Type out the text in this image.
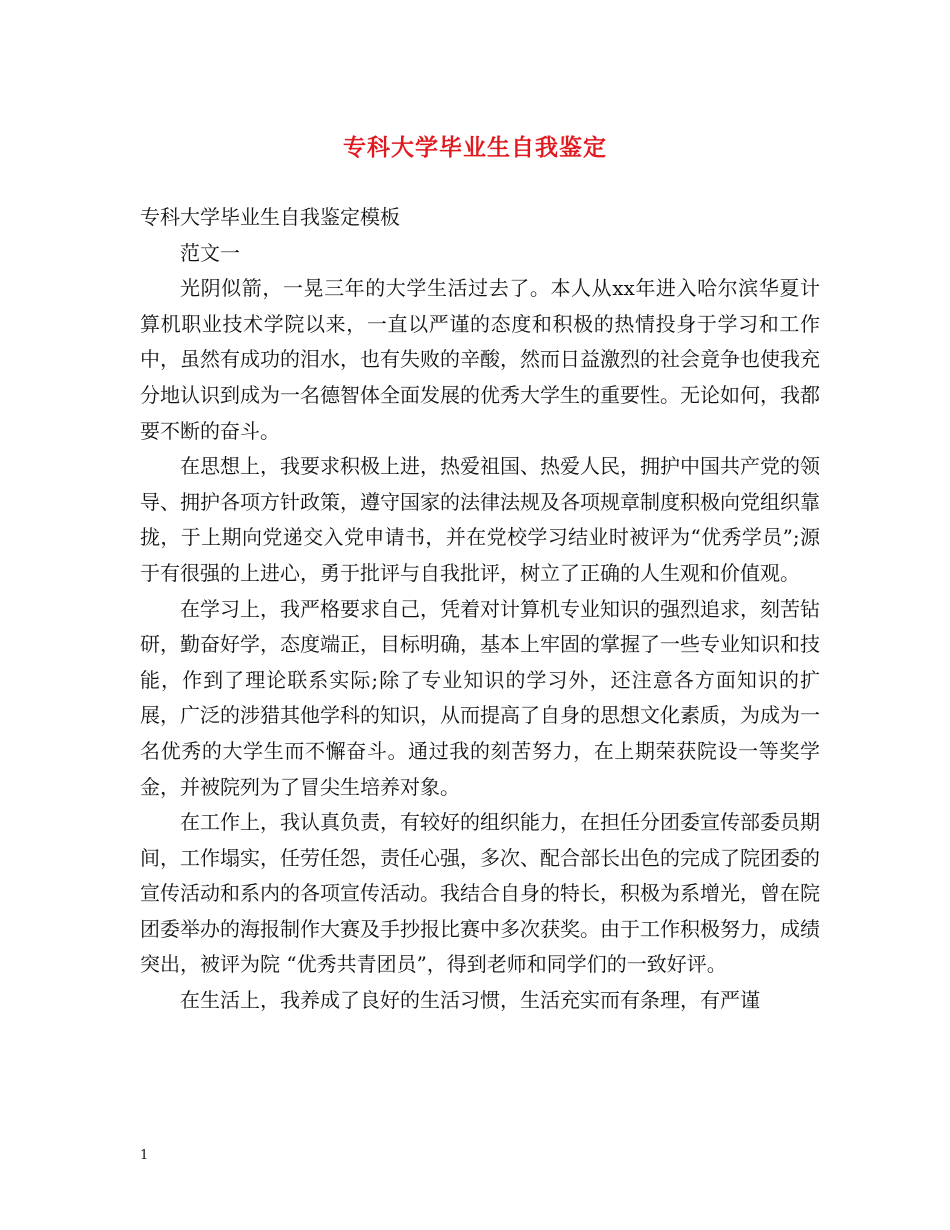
专科大学毕业生自我鉴定

专科大学毕业生自我鉴定模板

范文一

光阴似箭，一晃三年的大学生活过去了。本人从xx年进入哈尔滨华夏计算机职业技术学院以来，一直以严谨的态度和积极的热情投身于学习和工作中，虽然有成功的泪水，也有失败的辛酸，然而日益激烈的社会竟争也使我充分地认识到成为一名德智体全面发展的优秀大学生的重要性。无论如何，我都要不断的奋斗。

在思想上，我要求积极上进，热爱祖国、热爱人民，拥护中国共产党的领导、拥护各项方针政策，遵守国家的法律法规及各项规章制度积极向党组织靠拢，于上期向党递交入党申请书，并在党校学习结业时被评为“优秀学员”;源于有很强的上进心，勇于批评与自我批评，树立了正确的人生观和价值观。

在学习上，我严格要求自己，凭着对计算机专业知识的强烈追求，刻苦钻研，勤奋好学，态度端正，目标明确，基本上牢固的掌握了一些专业知识和技能，作到了理论联系实际;除了专业知识的学习外，还注意各方面知识的扩展，广泛的涉猎其他学科的知识，从而提高了自身的思想文化素质，为成为一名优秀的大学生而不懈奋斗。通过我的刻苦努力，在上期荣获院设一等奖学金，并被院列为了冒尖生培养对象。

在工作上，我认真负责，有较好的组织能力，在担任分团委宣传部委员期间，工作塌实，任劳任怨，责任心强，多次、配合部长出色的完成了院团委的宣传活动和系内的各项宣传活动。我结合自身的特长，积极为系增光，曾在院团委举办的海报制作大赛及手抄报比赛中多次获奖。由于工作积极努力，成绩突出，被评为院 “优秀共青团员”，得到老师和同学们的一致好评。

在生活上，我养成了良好的生活习惯，生活充实而有条理，有严谨

1
